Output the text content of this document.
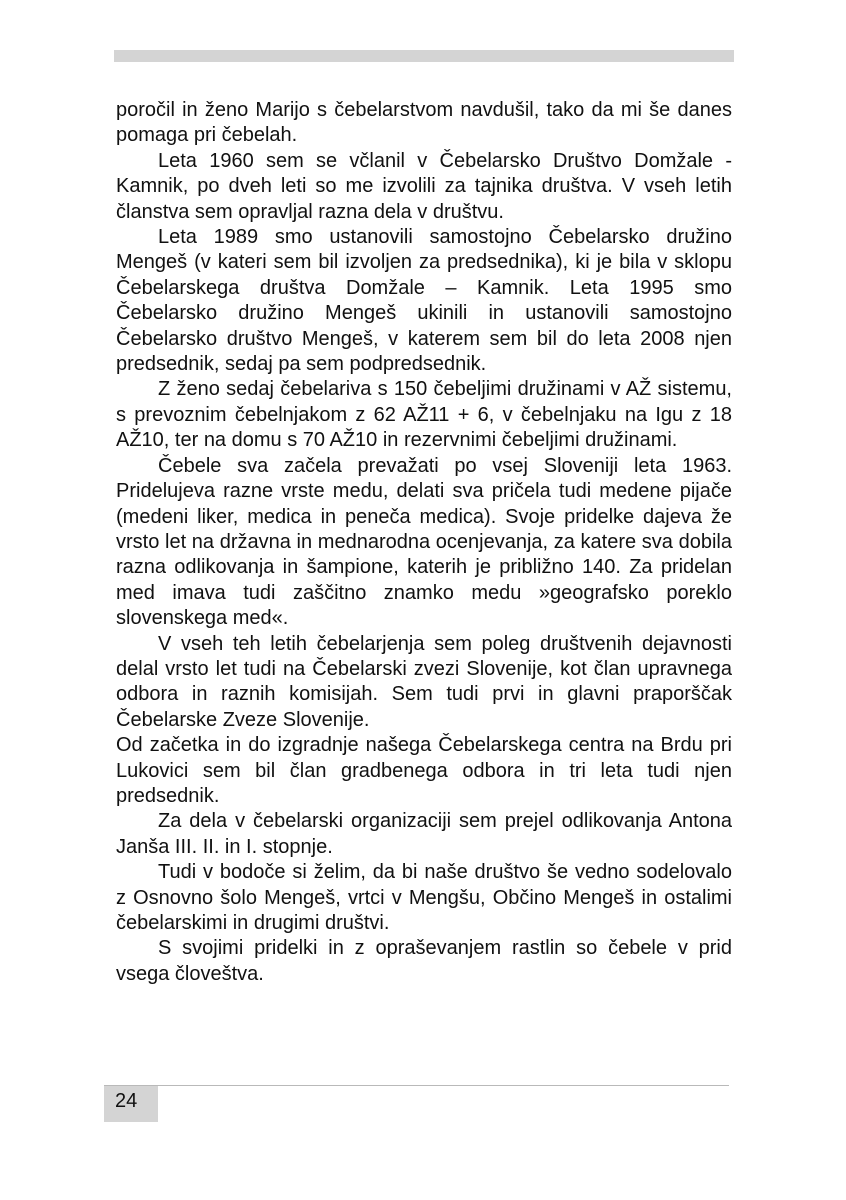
poročil in ženo Marijo s čebelarstvom navdušil, tako da mi še danes pomaga pri čebelah.

Leta 1960 sem se včlanil v Čebelarsko Društvo Domžale - Kamnik, po dveh leti so me izvolili za tajnika društva. V vseh letih članstva sem opravljal razna dela v društvu.

Leta 1989 smo ustanovili samostojno Čebelarsko družino Mengeš (v kateri sem bil izvoljen za predsednika), ki je bila v sklopu Čebelarskega društva Domžale – Kamnik. Leta 1995 smo Čebelarsko družino Mengeš ukinili in ustanovili samostojno Čebelarsko društvo Mengeš, v katerem sem bil do leta 2008 njen predsednik, sedaj pa sem podpredsednik.

Z ženo sedaj čebelariva s 150 čebeljimi družinami v AŽ sistemu, s prevoznim čebelnjakom z 62 AŽ11 + 6, v čebelnjaku na Igu z 18 AŽ10, ter na domu s 70 AŽ10 in rezervnimi čebeljimi družinami.

Čebele sva začela prevažati po vsej Sloveniji leta 1963. Pridelujeva razne vrste medu, delati sva pričela tudi medene pijače (medeni liker, medica in peneča medica). Svoje pridelke dajeva že vrsto let na državna in mednarodna ocenjevanja, za katere sva dobila razna odlikovanja in šampione, katerih je približno 140. Za pridelan med imava tudi zaščitno znamko medu »geografsko poreklo slovenskega med«.

V vseh teh letih čebelarjenja sem poleg društvenih dejavnosti delal vrsto let tudi na Čebelarski zvezi Slovenije, kot član upravnega odbora in raznih komisijah. Sem tudi prvi in glavni praporščak Čebelarske Zveze Slovenije.

Od začetka in do izgradnje našega Čebelarskega centra na Brdu pri Lukovici sem bil član gradbenega odbora in tri leta tudi njen predsednik.

Za dela v čebelarski organizaciji sem prejel odlikovanja Antona Janša III. II. in I. stopnje.

Tudi v bodoče si želim, da bi naše društvo še vedno sodelovalo z Osnovno šolo Mengeš, vrtci v Mengšu, Občino Mengeš in ostalimi čebelarskimi in drugimi društvi.

S svojimi pridelki in z opraševanjem rastlin so čebele v prid vsega človeštva.

24
